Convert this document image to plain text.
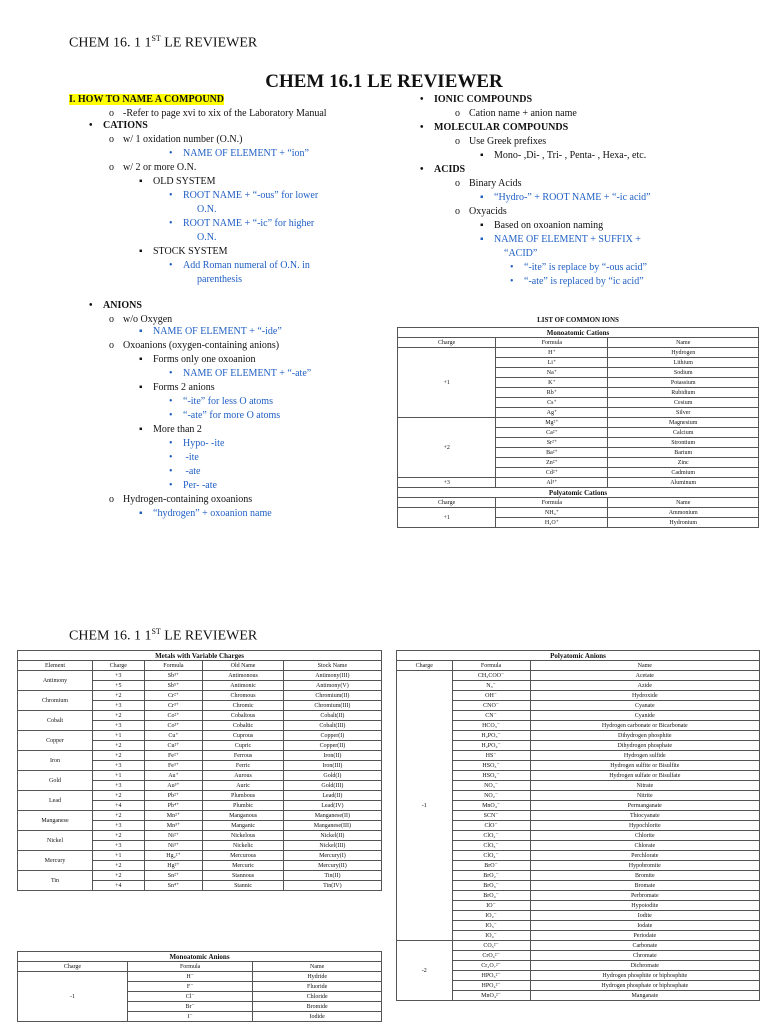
CHEM 16. 1 1ST LE REVIEWER
CHEM 16.1 LE REVIEWER
I. HOW TO NAME A COMPOUND
o -Refer to page xvi to xix of the Laboratory Manual
• CATIONS
o w/ 1 oxidation number (O.N.)
• NAME OF ELEMENT + “ion”
o w/ 2 or more O.N.
▪ OLD SYSTEM
• ROOT NAME + “-ous” for lower
O.N.
• ROOT NAME + “-ic” for higher
O.N.
▪ STOCK SYSTEM
• Add Roman numeral of O.N. in
parenthesis
• ANIONS
o w/o Oxygen
▪ NAME OF ELEMENT + “-ide”
o Oxoanions (oxygen-containing anions)
▪ Forms only one oxoanion
• NAME OF ELEMENT + “-ate”
▪ Forms 2 anions
• “-ite” for less O atoms
• “-ate” for more O atoms
▪ More than 2
• Hypo- -ite
• -ite
• -ate
• Per- -ate
o Hydrogen-containing oxoanions
▪ “hydrogen” + oxoanion name
• IONIC COMPOUNDS
o Cation name + anion name
• MOLECULAR COMPOUNDS
o Use Greek prefixes
▪ Mono- ,Di- , Tri- , Penta- , Hexa-, etc.
• ACIDS
o Binary Acids
▪ “Hydro-” + ROOT NAME + “-ic acid”
o Oxyacids
▪ Based on oxoanion naming
▪ NAME OF ELEMENT + SUFFIX +
“ACID”
• “-ite” is replace by “-ous acid”
• “-ate” is replaced by “ic acid”
LIST OF COMMON IONS
Monoatomic Cations		
Charge	Formula	Name
+1	H⁺	Hydrogen
	Li⁺	Lithium
	Na⁺	Sodium
	K⁺	Potassium
	Rb⁺	Rubidium
	Cs⁺	Cesium
	Ag⁺	Silver
+2	Mg²⁺	Magnesium
	Ca²⁺	Calcium
	Sr²⁺	Strontium
	Ba²⁺	Barium
	Zn²⁺	Zinc
	Cd²⁺	Cadmium
+3	Al³⁺	Aluminum
Polyatomic Cations		
Charge	Formula	Name
+1	NH₄⁺	Ammonium
	H₃O⁺	Hydronium
CHEM 16. 1 1ST LE REVIEWER
Metals with Variable Charges				
Element	Charge	Formula	Old Name	Stock Name
Antimony	+3	Sb³⁺	Antimonous	Antimony(III)
	+5	Sb⁵⁺	Antimonic	Antimony(V)
Chromium	+2	Cr²⁺	Chromous	Chromium(II)
	+3	Cr³⁺	Chromic	Chromium(III)
Cobalt	+2	Co²⁺	Cobaltous	Cobalt(II)
	+3	Co³⁺	Cobaltic	Cobalt(III)
Copper	+1	Cu⁺	Cuprous	Copper(I)
	+2	Cu²⁺	Cupric	Copper(II)
Iron	+2	Fe²⁺	Ferrous	Iron(II)
	+3	Fe³⁺	Ferric	Iron(III)
Gold	+1	Au⁺	Aurous	Gold(I)
	+3	Au³⁺	Auric	Gold(III)
Lead	+2	Pb²⁺	Plumbous	Lead(II)
	+4	Pb⁴⁺	Plumbic	Lead(IV)
Manganese	+2	Mn²⁺	Manganous	Manganese(II)
	+3	Mn³⁺	Manganic	Manganese(III)
Nickel	+2	Ni²⁺	Nickelous	Nickel(II)
	+3	Ni³⁺	Nickelic	Nickel(III)
Mercury	+1	Hg₂²⁺	Mercurous	Mercury(I)
	+2	Hg²⁺	Mercuric	Mercury(II)
Tin	+2	Sn²⁺	Stannous	Tin(II)
	+4	Sn⁴⁺	Stannic	Tin(IV)
Monoatomic Anions		
Charge	Formula	Name
-1	H⁻	Hydride
	F⁻	Fluoride
	Cl⁻	Chloride
	Br⁻	Bromide
	I⁻	Iodide
Polyatomic Anions		
Charge	Formula	Name
-1	CH₃COO⁻	Acetate
	N₃⁻	Azide
	OH⁻	Hydroxide
	CNO⁻	Cyanate
	CN⁻	Cyanide
	HCO₃⁻	Hydrogen carbonate or Bicarbonate
	H₂PO₃⁻	Dihydrogen phosphite
	H₂PO₄⁻	Dihydrogen phosphate
	HS⁻	Hydrogen sulfide
	HSO₃⁻	Hydrogen sulfite or Bisulfite
	HSO₄⁻	Hydrogen sulfate or Bisulfate
	NO₃⁻	Nitrate
	NO₂⁻	Nitrite
	MnO₄⁻	Permanganate
	SCN⁻	Thiocyanate
	ClO⁻	Hypochlorite
	ClO₂⁻	Chlorite
	ClO₃⁻	Chlorate
	ClO₄⁻	Perchlorate
	BrO⁻	Hypobromite
	BrO₂⁻	Bromite
	BrO₃⁻	Bromate
	BrO₄⁻	Perbromate
	IO⁻	Hypoiodite
	IO₂⁻	Iodite
	IO₃⁻	Iodate
	IO₄⁻	Periodate
-2	CO₃²⁻	Carbonate
	CrO₄²⁻	Chromate
	Cr₂O₇²⁻	Dichromate
	HPO₃²⁻	Hydrogen phosphite or biphosphite
	HPO₄²⁻	Hydrogen phosphate or biphosphate
	MnO₄²⁻	Manganate
